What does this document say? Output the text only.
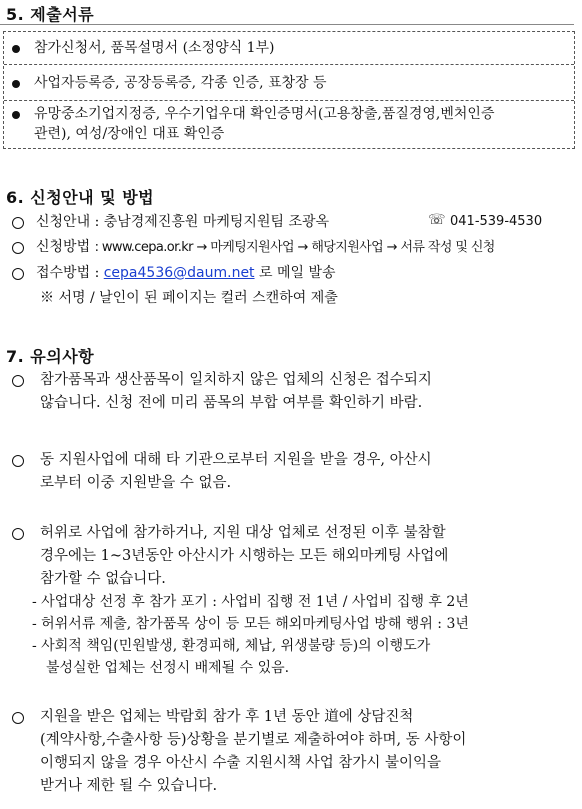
5. 제출서류
참가신청서, 품목설명서 (소정양식 1부)
사업자등록증, 공장등록증, 각종 인증, 표창장 등
유망중소기업지정증, 우수기업우대 확인증명서(고용창출,품질경영,벤처인증
관련), 여성/장애인 대표 확인증
6. 신청안내 및 방법
신청안내 : 충남경제진흥원 마케팅지원팀 조광옥	☏ 041-539-4530
신청방법 : www.cepa.or.kr → 마케팅지원사업 → 해당지원사업 → 서류 작성 및 신청
접수방법 : cepa4536@daum.net 로 메일 발송
※ 서명 / 날인이 된 페이지는 컬러 스캔하여 제출
7. 유의사항

참가품목과 생산품목이 일치하지 않은 업체의 신청은 접수되지

않습니다. 신청 전에 미리 품목의 부합 여부를 확인하기 바람.

동 지원사업에 대해 타 기관으로부터 지원을 받을 경우, 아산시

로부터 이중 지원받을 수 없음.

허위로 사업에 참가하거나, 지원 대상 업체로 선정된 이후 불참할

경우에는 1~3년동안 아산시가 시행하는 모든 해외마케팅 사업에

참가할 수 없습니다.

- 사업대상 선정 후 참가 포기 : 사업비 집행 전 1년 / 사업비 집행 후 2년
- 허위서류 제출, 참가품목 상이 등 모든 해외마케팅사업 방해 행위 : 3년
- 사회적 책임(민원발생, 환경피해, 체납, 위생불량 등)의 이행도가
불성실한 업체는 선정시 배제될 수 있음.

지원을 받은 업체는 박람회 참가 후 1년 동안 道에 상담진척

(계약사항,수출사항 등)상황을 분기별로 제출하여야 하며, 동 사항이

이행되지 않을 경우 아산시 수출 지원시책 사업 참가시 불이익을

받거나 제한 될 수 있습니다.
